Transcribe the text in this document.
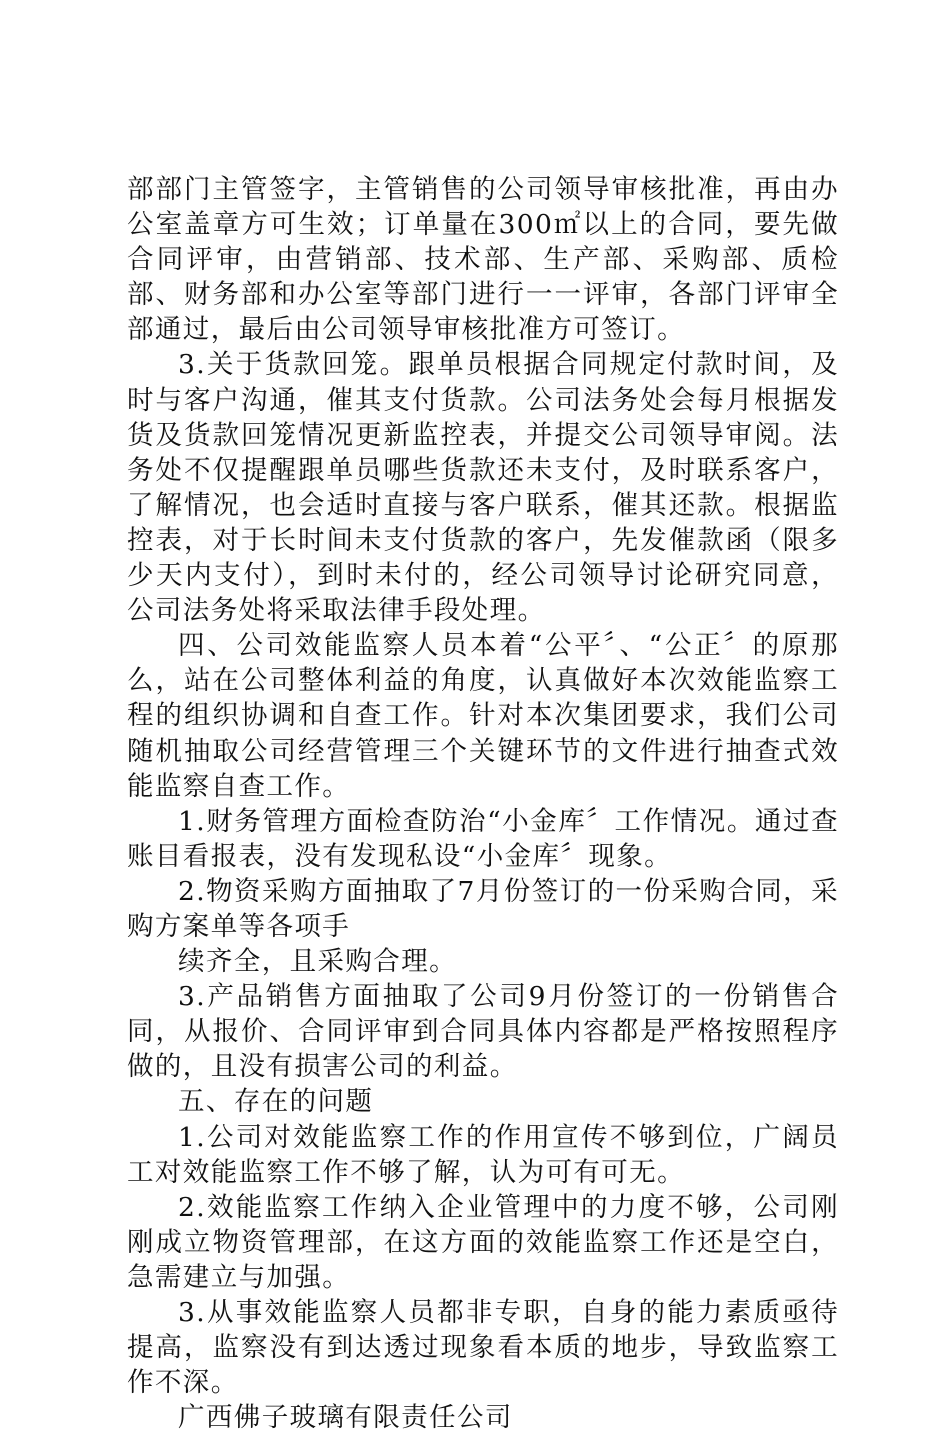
部部门主管签字，主管销售的公司领导审核批准，再由办公室盖章方可生效；订单量在300㎡以上的合同，要先做合同评审，由营销部、技术部、生产部、采购部、质检部、财务部和办公室等部门进行一一评审，各部门评审全部通过，最后由公司领导审核批准方可签订。

3.关于货款回笼。跟单员根据合同规定付款时间，及时与客户沟通，催其支付货款。公司法务处会每月根据发货及货款回笼情况更新监控表，并提交公司领导审阅。法务处不仅提醒跟单员哪些货款还未支付，及时联系客户，了解情况，也会适时直接与客户联系，催其还款。根据监控表，对于长时间未支付货款的客户，先发催款函（限多少天内支付），到时未付的，经公司领导讨论研究同意，公司法务处将采取法律手段处理。

四、公司效能监察人员本着“公平〞、“公正〞的原那么，站在公司整体利益的角度，认真做好本次效能监察工程的组织协调和自查工作。针对本次集团要求，我们公司随机抽取公司经营管理三个关键环节的文件进行抽查式效能监察自查工作。

1.财务管理方面检查防治“小金库〞工作情况。通过查账目看报表，没有发现私设“小金库〞现象。

2.物资采购方面抽取了7月份签订的一份采购合同，采购方案单等各项手

续齐全，且采购合理。

3.产品销售方面抽取了公司9月份签订的一份销售合同，从报价、合同评审到合同具体内容都是严格按照程序做的，且没有损害公司的利益。

五、存在的问题

1.公司对效能监察工作的作用宣传不够到位，广阔员工对效能监察工作不够了解，认为可有可无。

2.效能监察工作纳入企业管理中的力度不够，公司刚刚成立物资管理部，在这方面的效能监察工作还是空白，急需建立与加强。

3.从事效能监察人员都非专职，自身的能力素质亟待提高，监察没有到达透过现象看本质的地步，导致监察工作不深。

广西佛子玻璃有限责任公司
